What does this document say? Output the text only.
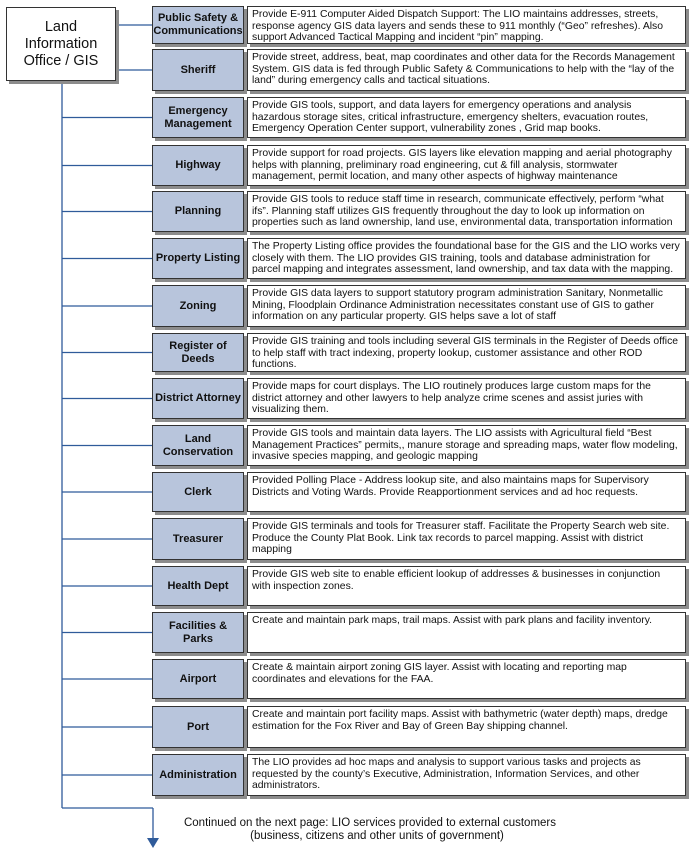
Land
Information
Office / GIS
Public Safety & Communications
Provide E-911 Computer Aided Dispatch Support: The LIO maintains addresses, streets, response agency GIS data layers and sends these to 911 monthly (“Geo” refreshes). Also support Advanced Tactical Mapping and incident “pin” mapping.
Sheriff
Provide street, address, beat, map coordinates and other data for the Records Management System. GIS data is fed through Public Safety & Communications to help with the “lay of the land” during emergency calls and tactical situations.
Emergency Management
Provide GIS tools, support, and data layers for emergency operations and analysis hazardous storage sites, critical infrastructure, emergency shelters, evacuation routes, Emergency Operation Center support, vulnerability zones , Grid map books.
Highway
Provide support for road projects. GIS layers like elevation mapping and aerial photography helps with planning, preliminary road engineering, cut & fill analysis, stormwater management, permit location, and many other aspects of highway maintenance
Planning
Provide GIS tools to reduce staff time in research, communicate effectively, perform “what ifs”. Planning staff utilizes GIS frequently throughout the day to look up information on properties such as land ownership, land use, environmental data, transportation information
Property Listing
The Property Listing office provides the foundational base for the GIS and the LIO works very closely with them. The LIO provides GIS training, tools and database administration for parcel mapping and integrates assessment, land ownership, and tax data with the mapping.
Zoning
Provide GIS data layers to support statutory program administration Sanitary, Nonmetallic Mining, Floodplain Ordinance Administration necessitates constant use of GIS to gather information on any particular property. GIS helps save a lot of staff
Register of Deeds
Provide GIS training and tools including several GIS terminals in the Register of Deeds office to help staff with tract indexing, property lookup, customer assistance and other ROD functions.
District Attorney
Provide maps for court displays. The LIO routinely produces large custom maps for the district attorney and other lawyers to help analyze crime scenes and assist juries with visualizing them.
Land Conservation
Provide GIS tools and maintain data layers. The LIO assists with Agricultural field “Best Management Practices” permits,, manure storage and spreading maps, water flow modeling, invasive species mapping, and geologic mapping
Clerk
Provided Polling Place - Address lookup site, and also maintains maps for Supervisory Districts and Voting Wards. Provide Reapportionment services and ad hoc requests.
Treasurer
Provide GIS terminals and tools for Treasurer staff. Facilitate the Property Search web site. Produce the County Plat Book. Link tax records to parcel mapping. Assist with district mapping
Health Dept
Provide GIS web site to enable efficient lookup of addresses & businesses in conjunction with inspection zones.
Facilities & Parks
Create and maintain park maps, trail maps. Assist with park plans and facility inventory.
Airport
Create & maintain airport zoning GIS layer. Assist with locating and reporting map coordinates and elevations for the FAA.
Port
Create and maintain port facility maps. Assist with bathymetric (water depth) maps, dredge estimation for the Fox River and Bay of Green Bay shipping channel.
Administration
The LIO provides ad hoc maps and analysis to support various tasks and projects as requested by the county’s Executive, Administration, Information Services, and other administrators.
Continued on the next page: LIO services provided to external customers
(business, citizens and other units of government)
